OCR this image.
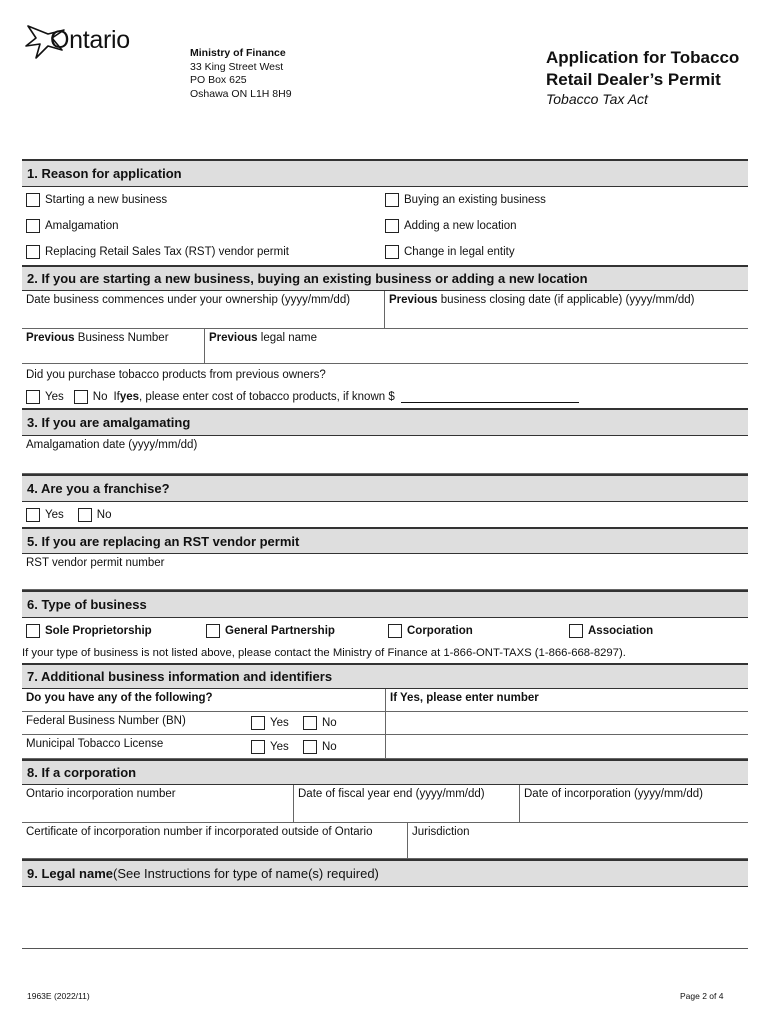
Ontario	Ministry of Finance
33 King Street West
PO Box 625
Oshawa ON L1H 8H9
Application for Tobacco
Retail Dealer’s Permit
Tobacco Tax Act
1. Reason for application
Starting a new business	Buying an existing business
Amalgamation	Adding a new location
Replacing Retail Sales Tax (RST) vendor permit	Change in legal entity
2. If you are starting a new business, buying an existing business or adding a new location
Date business commences under your ownership (yyyy/mm/dd)	Previous business closing date (if applicable) (yyyy/mm/dd)
Previous Business Number	Previous legal name
Did you purchase tobacco products from previous owners?
Yes	No If yes , please enter cost of tobacco products, if known $
3. If you are amalgamating
Amalgamation date (yyyy/mm/dd)
4. Are you a franchise?
Yes	No
5. If you are replacing an RST vendor permit
RST vendor permit number
6. Type of business
Sole Proprietorship	General Partnership	Corporation	Association
If your type of business is not listed above, please contact the Ministry of Finance at 1-866-ONT-TAXS (1-866-668-8297).
7. Additional business information and identifiers
Do you have any of the following?	If Yes, please enter number
Federal Business Number (BN)	Yes	No
Municipal Tobacco License	Yes	No
8. If a corporation
Ontario incorporation number	Date of fiscal year end (yyyy/mm/dd)	Date of incorporation (yyyy/mm/dd)
Certificate of incorporation number if incorporated outside of Ontario	Jurisdiction
9. Legal name (See Instructions for type of name(s) required)
1963E (2022/11)	Page 2 of 4
